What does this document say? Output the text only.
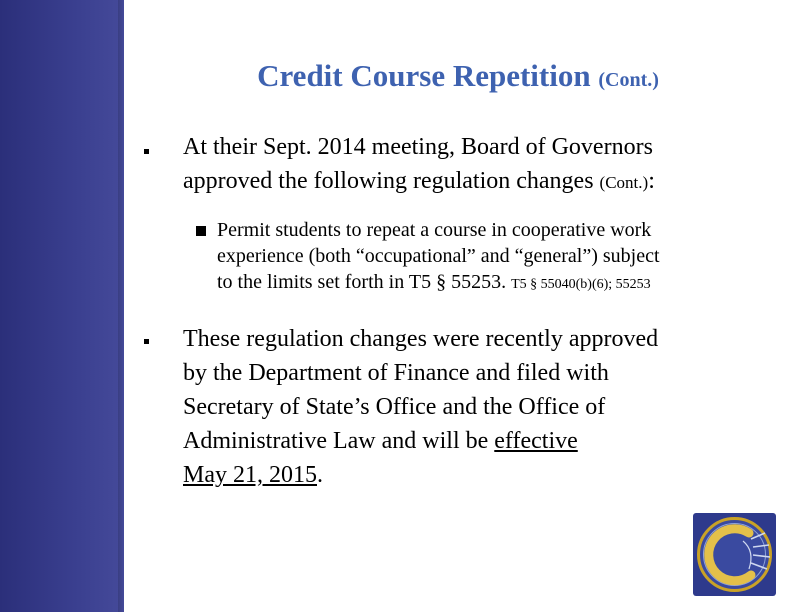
Credit Course Repetition (Cont.)
At their Sept. 2014 meeting, Board of Governors
approved the following regulation changes (Cont.):
Permit students to repeat a course in cooperative work
experience (both “occupational” and “general”) subject
to the limits set forth in T5 § 55253. T5 § 55040(b)(6); 55253
These regulation changes were recently approved
by the Department of Finance and filed with
Secretary of State’s Office and the Office of
Administrative Law and will be effective
May 21, 2015.
